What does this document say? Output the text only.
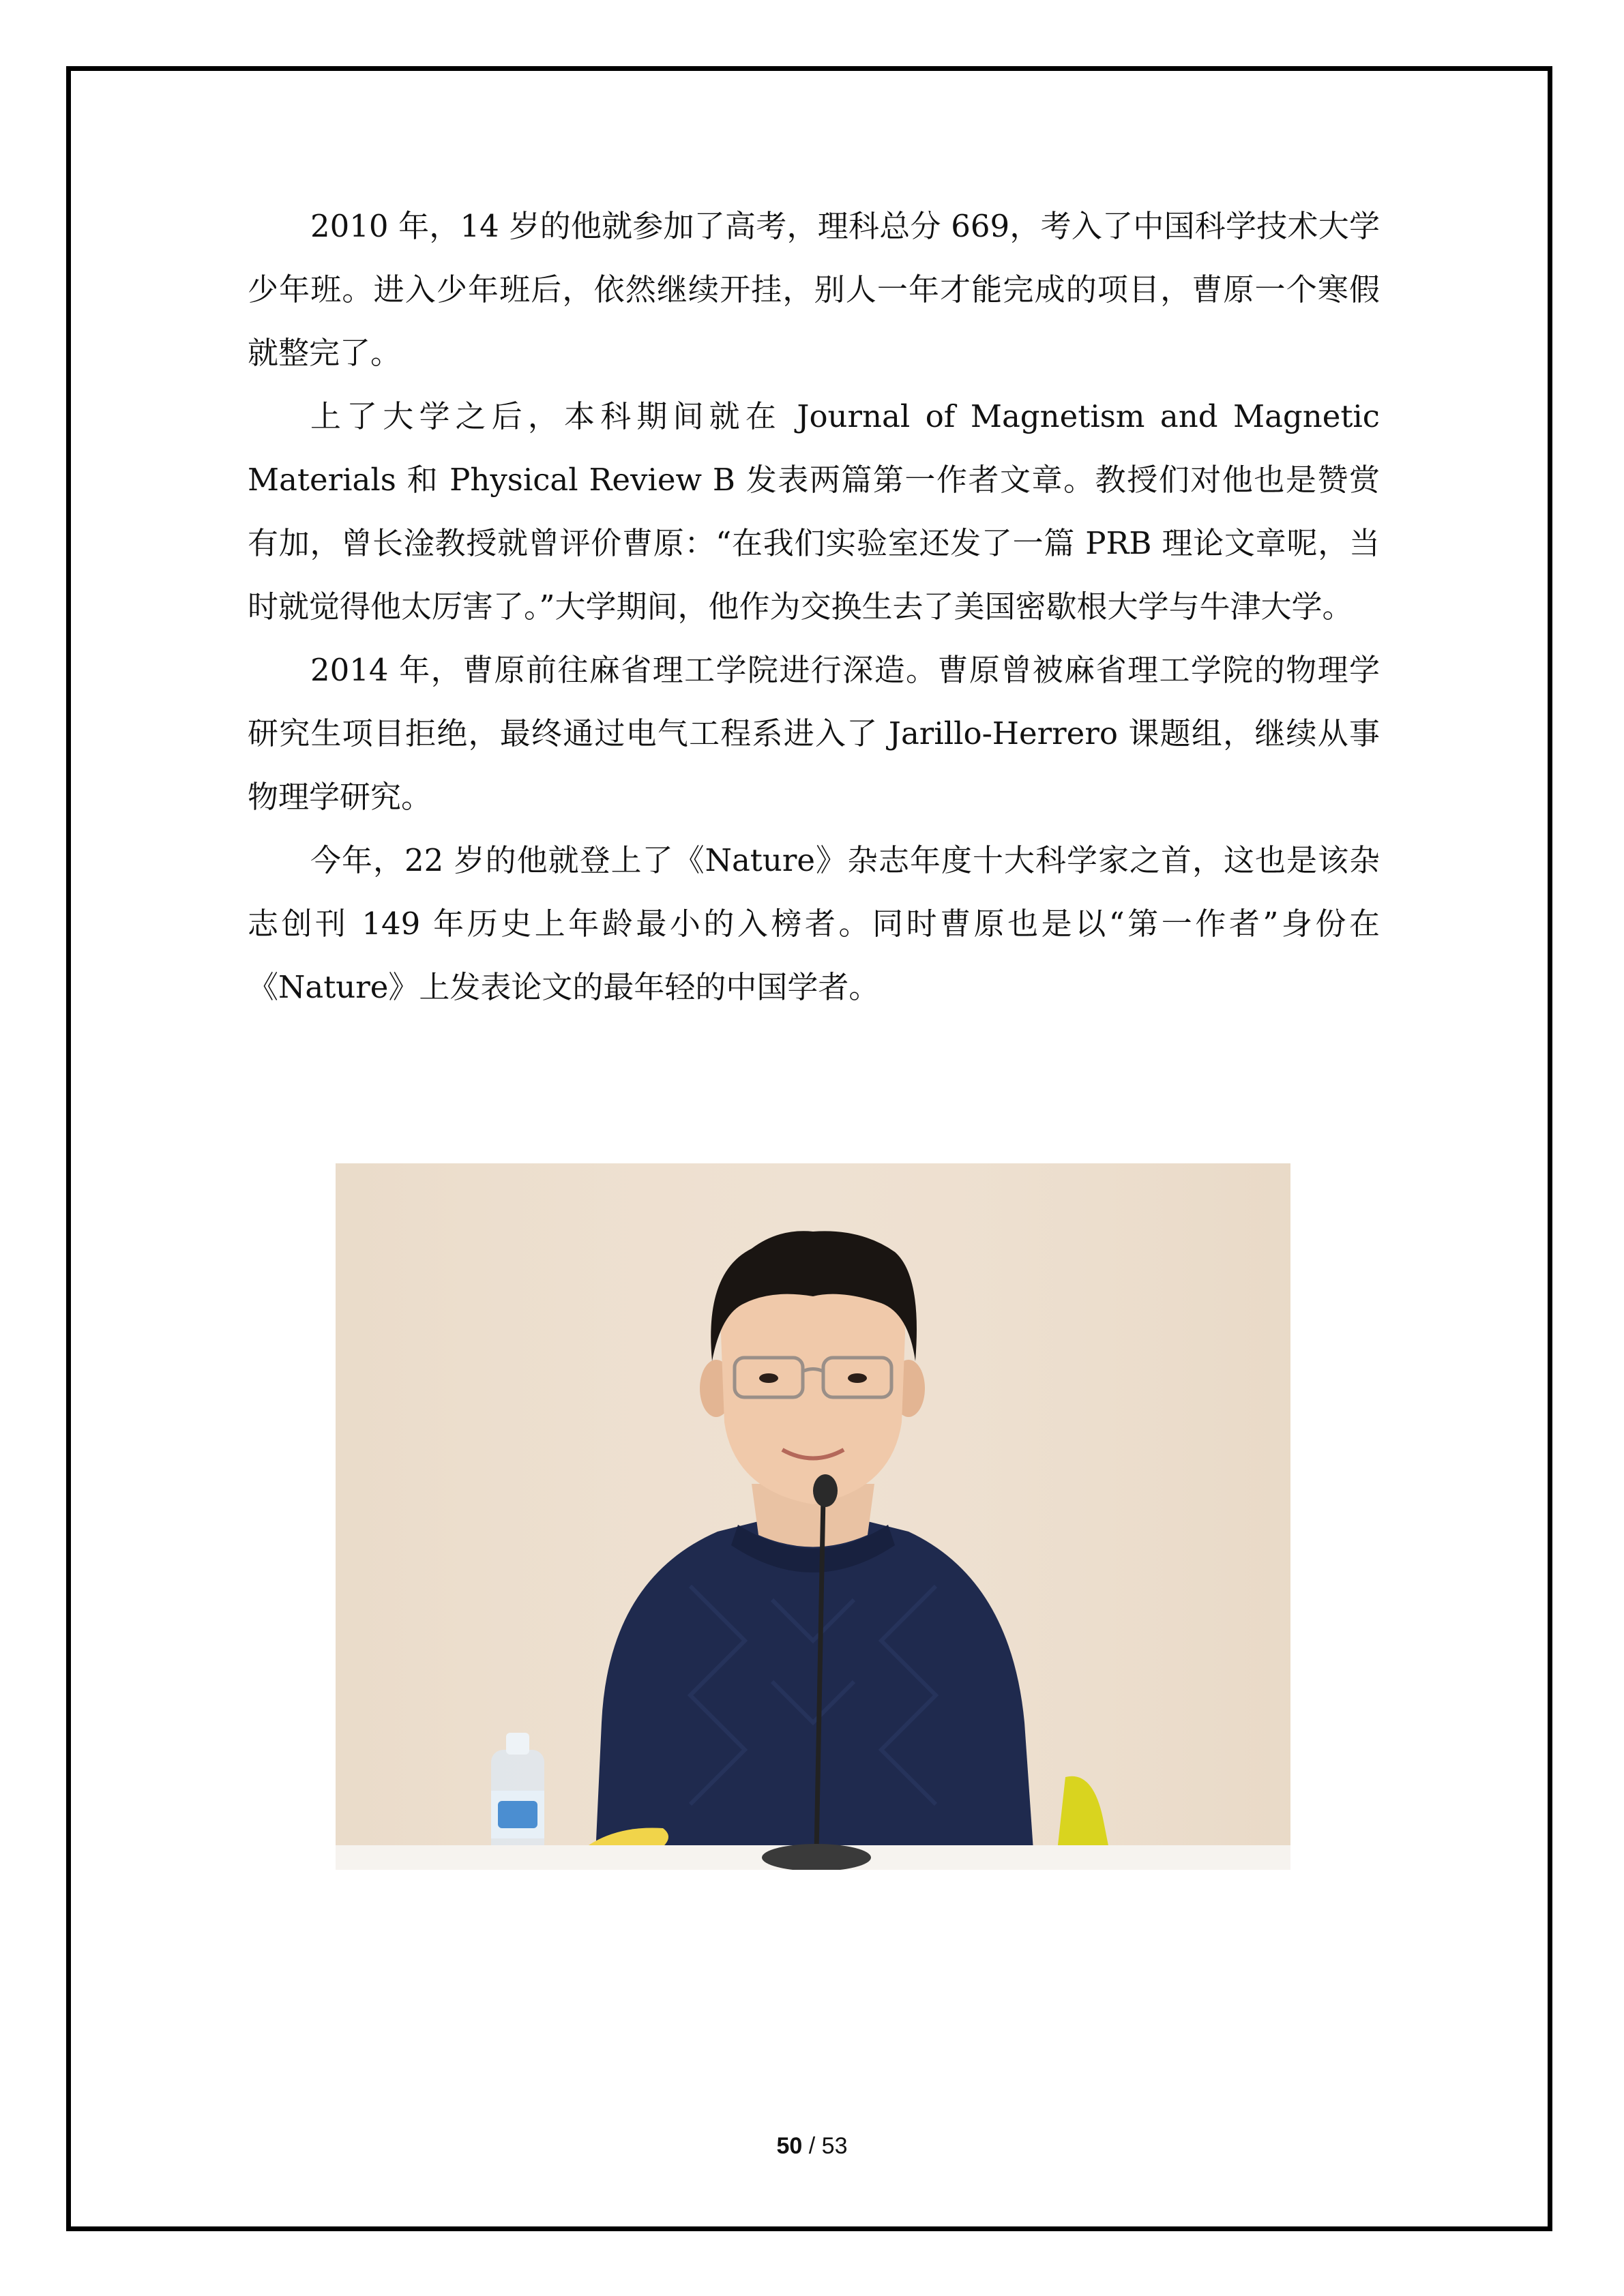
2010 年，14 岁的他就参加了高考，理科总分 669，考入了中国科学技术大学少年班。进入少年班后，依然继续开挂，别人一年才能完成的项目，曹原一个寒假就整完了。

上了大学之后，本科期间就在 Journal of Magnetism and Magnetic Materials 和 Physical Review B 发表两篇第一作者文章。教授们对他也是赞赏有加，曾长淦教授就曾评价曹原：“在我们实验室还发了一篇 PRB 理论文章呢，当时就觉得他太厉害了。”大学期间，他作为交换生去了美国密歇根大学与牛津大学。

2014 年，曹原前往麻省理工学院进行深造。曹原曾被麻省理工学院的物理学研究生项目拒绝，最终通过电气工程系进入了 Jarillo-Herrero 课题组，继续从事物理学研究。

今年，22 岁的他就登上了《Nature》杂志年度十大科学家之首，这也是该杂志创刊 149 年历史上年龄最小的入榜者。同时曹原也是以“第一作者”身份在《Nature》上发表论文的最年轻的中国学者。

50 / 53
